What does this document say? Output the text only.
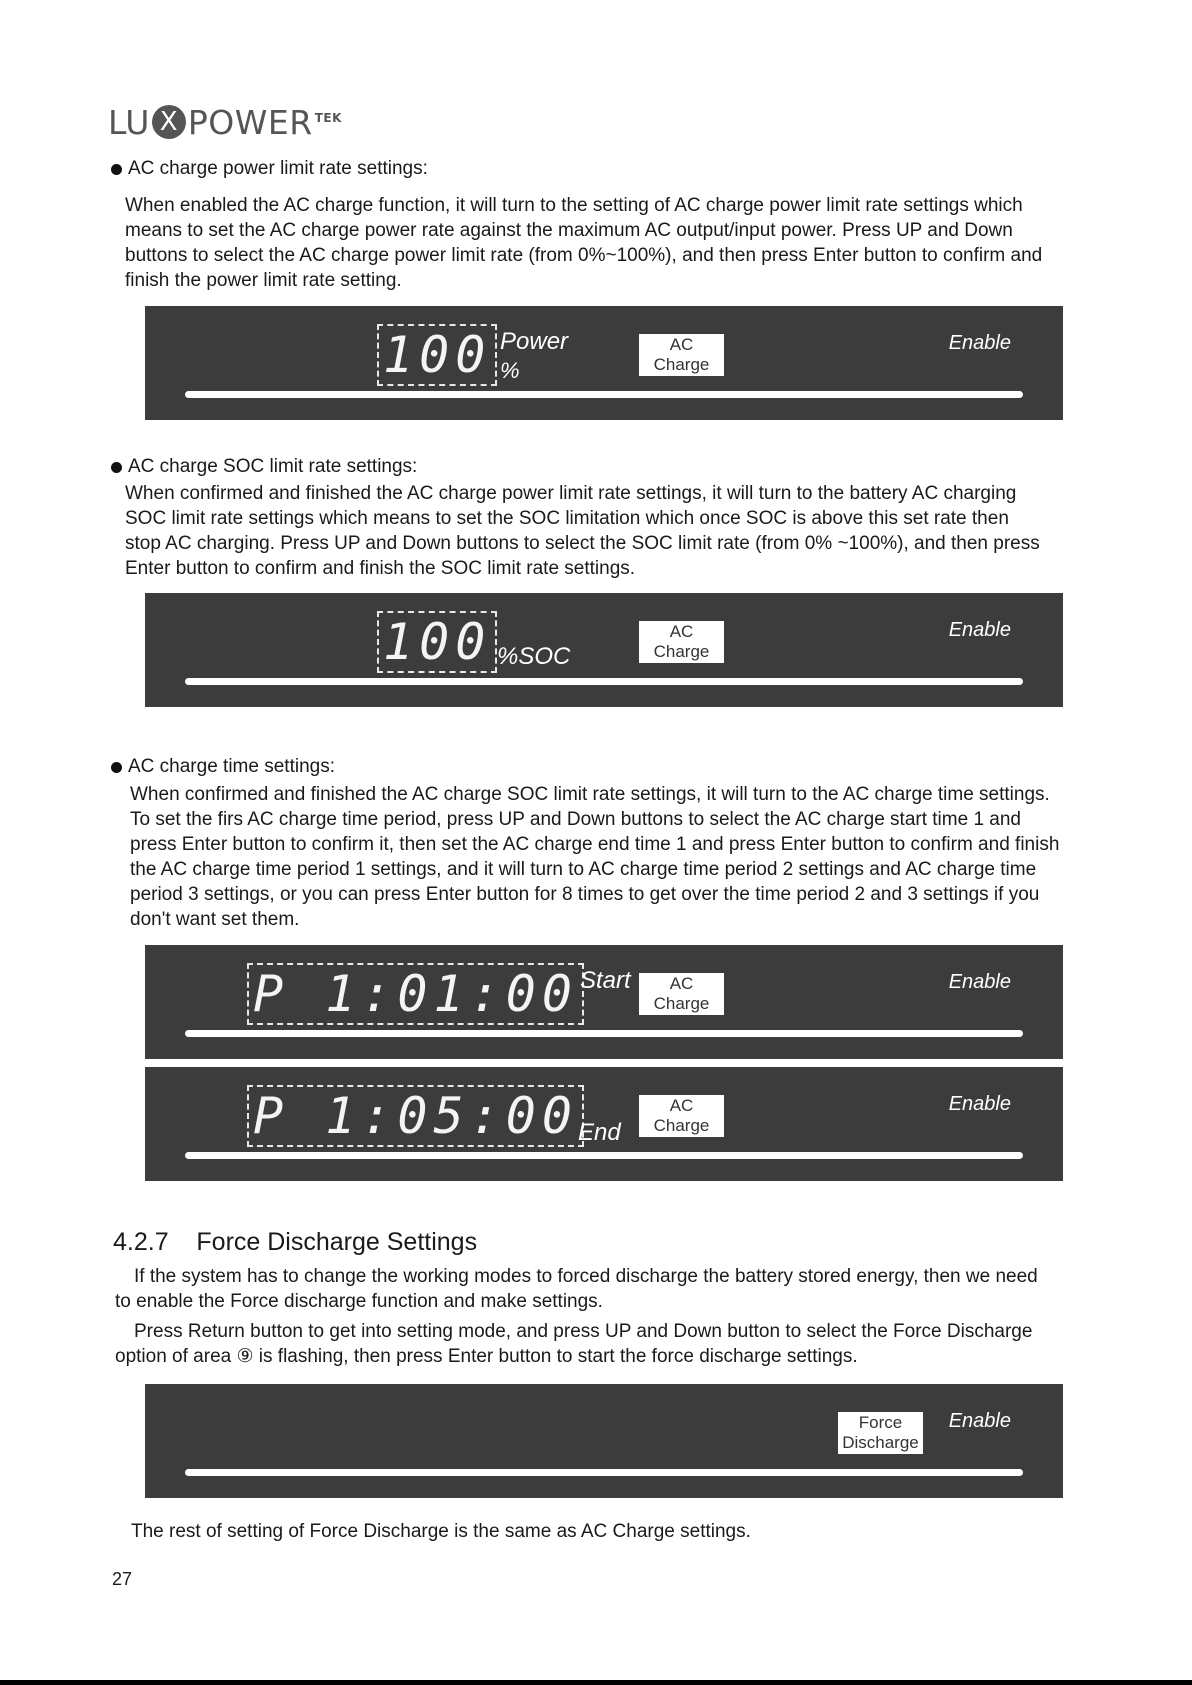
LU X $POWER^{TEK}$
AC charge power limit rate settings:
When enabled the AC charge function, it will turn to the setting of AC charge power limit rate settings which
means to set the AC charge power rate against the maximum AC output/input power. Press UP and Down
buttons to select the AC charge power limit rate (from 0%~100%), and then press Enter button to confirm and
finish the power limit rate setting.
100 Power
%
AC
Charge
Enable
AC charge SOC limit rate settings:
When confirmed and finished the AC charge power limit rate settings, it will turn to the battery AC charging
SOC limit rate settings which means to set the SOC limitation which once SOC is above this set rate then
stop AC charging. Press UP and Down buttons to select the SOC limit rate (from 0% ~100%), and then press
Enter button to confirm and finish the SOC limit rate settings.
100 %SOC
AC
Charge
Enable
AC charge time settings:
When confirmed and finished the AC charge SOC limit rate settings, it will turn to the AC charge time settings.
To set the firs AC charge time period, press UP and Down buttons to select the AC charge start time 1 and
press Enter button to confirm it, then set the AC charge end time 1 and press Enter button to confirm and finish
the AC charge time period 1 settings, and it will turn to AC charge time period 2 settings and AC charge time
period 3 settings, or you can press Enter button for 8 times to get over the time period 2 and 3 settings if you
don't want set them.
P 1:01:00 Start	AC
Charge
Enable
P 1:05:00 End
AC
Charge
Enable
4.2.7 Force Discharge Settings
If the system has to change the working modes to forced discharge the battery stored energy, then we need
to enable the Force discharge function and make settings.
Press Return button to get into setting mode, and press UP and Down button to select the Force Discharge
option of area ⑨ is flashing, then press Enter button to start the force discharge settings.
Force
Discharge
Enable
The rest of setting of Force Discharge is the same as AC Charge settings.
27
